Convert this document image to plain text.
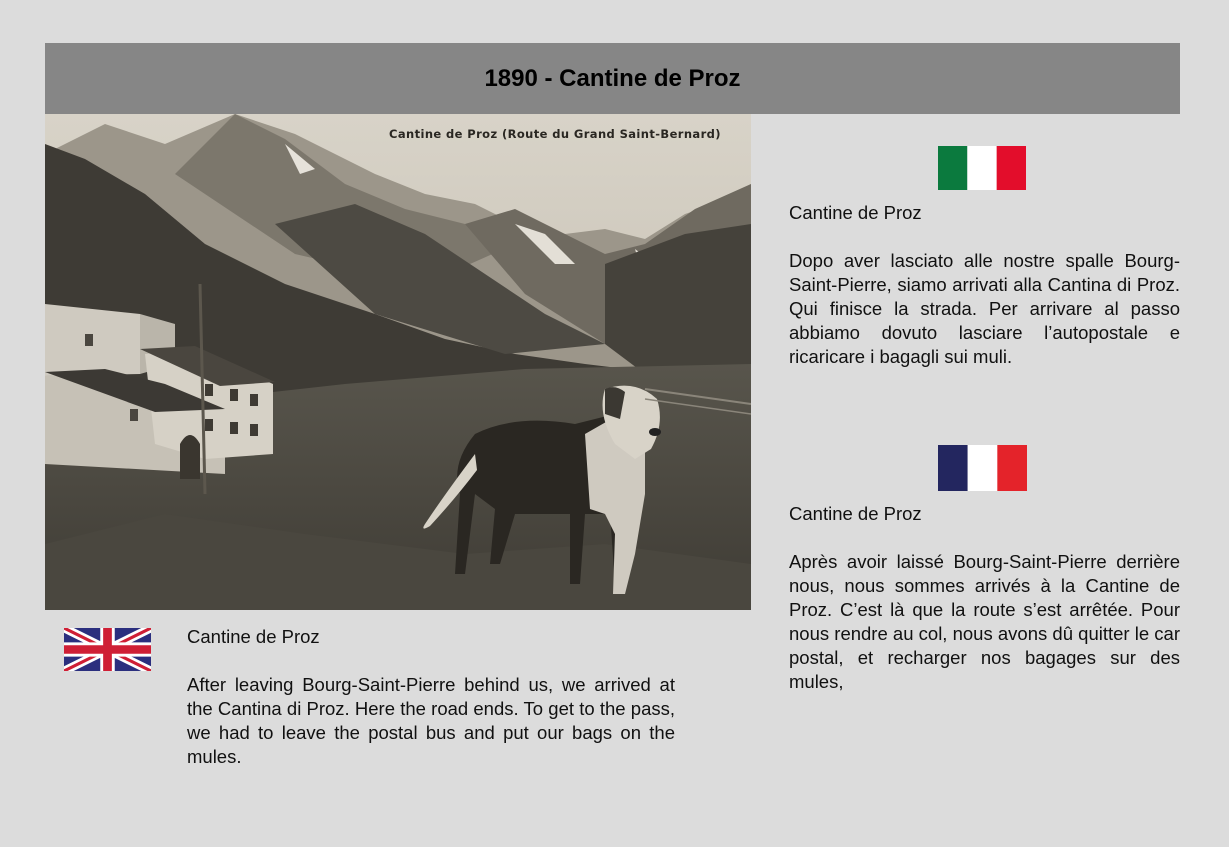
1890 - Cantine de Proz
Cantine de Proz (Route du Grand Saint-Bernard)

Cantine de Proz

After leaving Bourg-Saint-Pierre behind us, we arrived at the Cantina di Proz. Here the road ends. To get to the pass, we had to leave the postal bus and put our bags on the mules.

Cantine de Proz

Dopo aver lasciato alle nostre spalle Bourg-Saint-Pierre, siamo arrivati alla Cantina di Proz. Qui finisce la strada. Per arrivare al passo abbiamo dovuto lasciare l’autopostale e ricaricare i bagagli sui muli.

Cantine de Proz

Après avoir laissé Bourg-Saint-Pierre derrière nous, nous sommes arrivés à la Cantine de Proz. C’est là que la route s’est arrêtée. Pour nous rendre au col, nous avons dû quitter le car postal, et recharger nos bagages sur des mules,
